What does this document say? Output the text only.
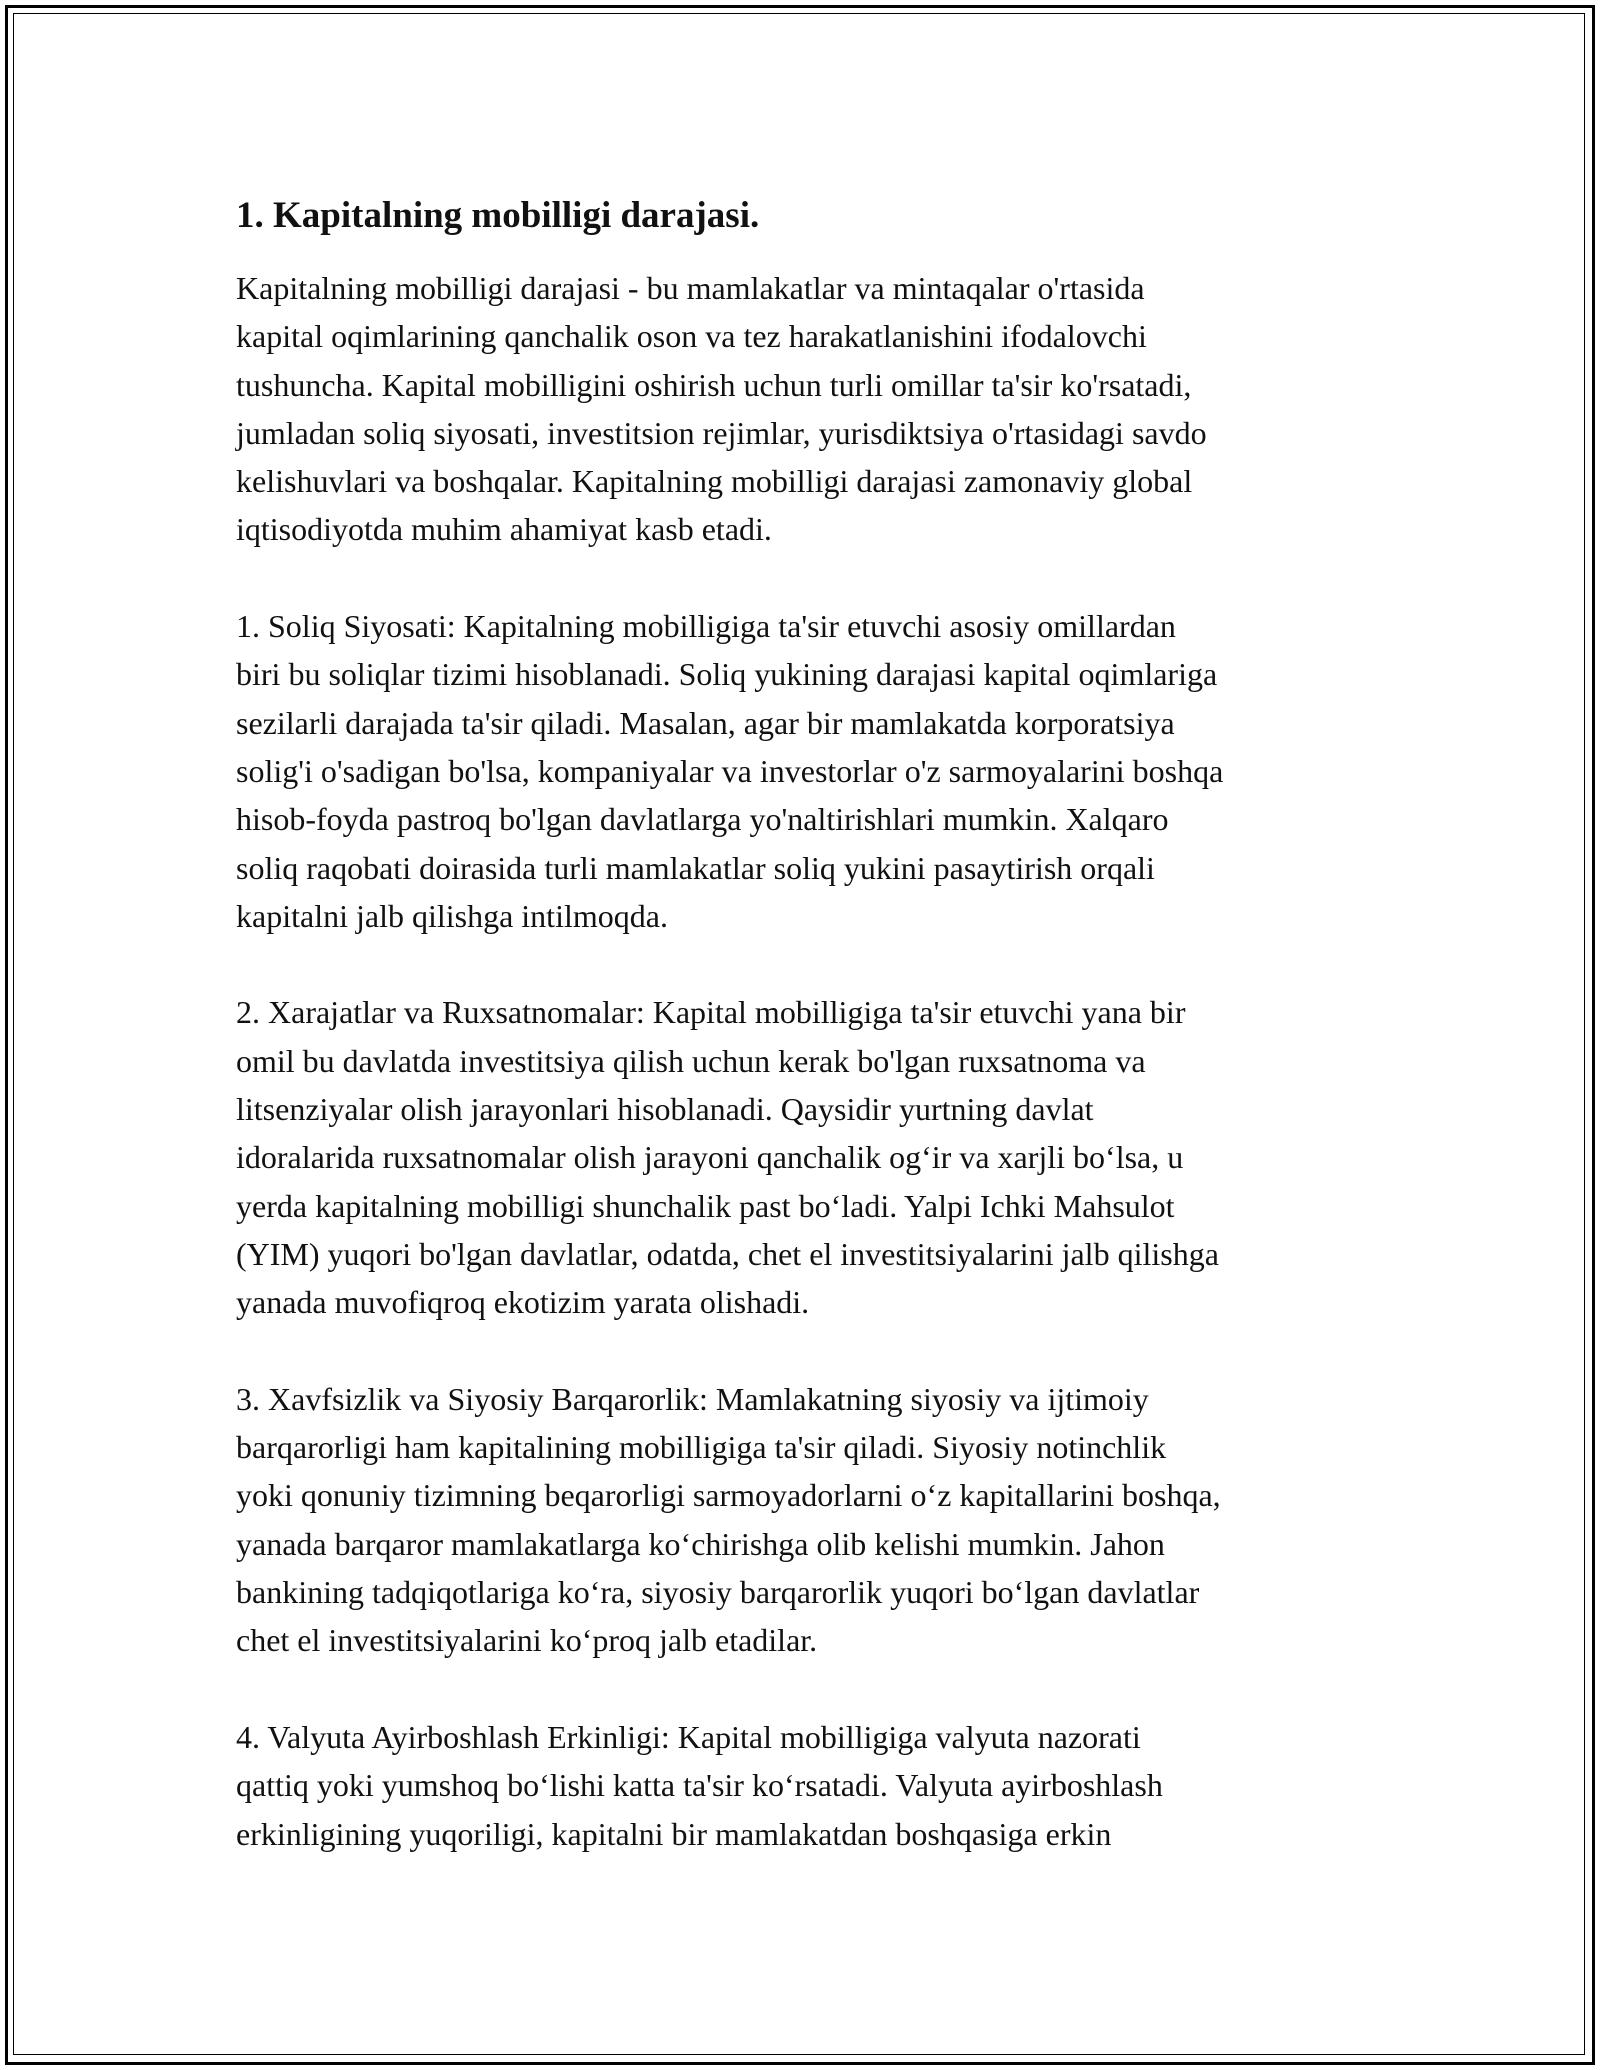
1. Kapitalning mobilligi darajasi.
Kapitalning mobilligi darajasi - bu mamlakatlar va mintaqalar o'rtasida
kapital oqimlarining qanchalik oson va tez harakatlanishini ifodalovchi
tushuncha. Kapital mobilligini oshirish uchun turli omillar ta'sir ko'rsatadi,
jumladan soliq siyosati, investitsion rejimlar, yurisdiktsiya o'rtasidagi savdo
kelishuvlari va boshqalar. Kapitalning mobilligi darajasi zamonaviy global
iqtisodiyotda muhim ahamiyat kasb etadi.
1. Soliq Siyosati: Kapitalning mobilligiga ta'sir etuvchi asosiy omillardan
biri bu soliqlar tizimi hisoblanadi. Soliq yukining darajasi kapital oqimlariga
sezilarli darajada ta'sir qiladi. Masalan, agar bir mamlakatda korporatsiya
solig'i o'sadigan bo'lsa, kompaniyalar va investorlar o'z sarmoyalarini boshqa
hisob-foyda pastroq bo'lgan davlatlarga yo'naltirishlari mumkin. Xalqaro
soliq raqobati doirasida turli mamlakatlar soliq yukini pasaytirish orqali
kapitalni jalb qilishga intilmoqda.
2. Xarajatlar va Ruxsatnomalar: Kapital mobilligiga ta'sir etuvchi yana bir
omil bu davlatda investitsiya qilish uchun kerak bo'lgan ruxsatnoma va
litsenziyalar olish jarayonlari hisoblanadi. Qaysidir yurtning davlat
idoralarida ruxsatnomalar olish jarayoni qanchalik og‘ir va xarjli bo‘lsa, u
yerda kapitalning mobilligi shunchalik past bo‘ladi. Yalpi Ichki Mahsulot
(YIM) yuqori bo'lgan davlatlar, odatda, chet el investitsiyalarini jalb qilishga
yanada muvofiqroq ekotizim yarata olishadi.
3. Xavfsizlik va Siyosiy Barqarorlik: Mamlakatning siyosiy va ijtimoiy
barqarorligi ham kapitalining mobilligiga ta'sir qiladi. Siyosiy notinchlik
yoki qonuniy tizimning beqarorligi sarmoyadorlarni o‘z kapitallarini boshqa,
yanada barqaror mamlakatlarga ko‘chirishga olib kelishi mumkin. Jahon
bankining tadqiqotlariga ko‘ra, siyosiy barqarorlik yuqori bo‘lgan davlatlar
chet el investitsiyalarini ko‘proq jalb etadilar.
4. Valyuta Ayirboshlash Erkinligi: Kapital mobilligiga valyuta nazorati
qattiq yoki yumshoq bo‘lishi katta ta'sir ko‘rsatadi. Valyuta ayirboshlash
erkinligining yuqoriligi, kapitalni bir mamlakatdan boshqasiga erkin
